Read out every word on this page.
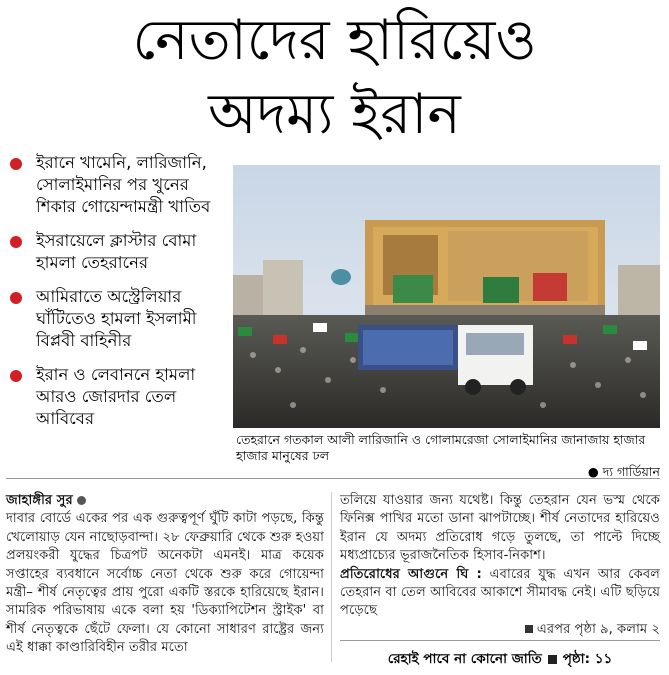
নেতাদের হারিয়েও
অদম্য ইরান
ইরানে খামেনি, লারিজানি, সোলাইমানির পর খুনের শিকার গোয়েন্দামন্ত্রী খাতিব
ইসরায়েলে ক্লাস্টার বোমা হামলা তেহরানের
আমিরাতে অস্ট্রেলিয়ার ঘাঁটিতেও হামলা ইসলামী বিপ্লবী বাহিনীর
ইরান ও লেবাননে হামলা আরও জোরদার তেল আবিবের
তেহরানে গতকাল আলী লারিজানি ও গোলামরেজা সোলাইমানির জানাজায় হাজার হাজার মানুষের ঢল
● দ্য গার্ডিয়ান
জাহাঙ্গীর সুর
দাবার বোর্ডে একের পর এক গুরুত্বপূর্ণ ঘুঁটি কাটা পড়ছে, কিন্তু খেলোয়াড় যেন নাছোড়বান্দা। ২৮ ফেব্রুয়ারি থেকে শুরু হওয়া প্রলয়ংকরী যুদ্ধের চিত্রপট অনেকটা এমনই। মাত্র কয়েক সপ্তাহের ব্যবধানে সর্বোচ্চ নেতা থেকে শুরু করে গোয়েন্দা মন্ত্রী– শীর্ষ নেতৃত্বের প্রায় পুরো একটি স্তরকে হারিয়েছে ইরান। সামরিক পরিভাষায় একে বলা হয় 'ডিক্যাপিটেশন স্ট্রাইক' বা শীর্ষ নেতৃত্বকে ছেঁটে ফেলা। যে কোনো সাধারণ রাষ্ট্রের জন্য এই ধাক্কা কাণ্ডারিবিহীন তরীর মতো
তলিয়ে যাওয়ার জন্য যথেষ্ট। কিন্তু তেহরান যেন ভস্ম থেকে ফিনিক্স পাখির মতো ডানা ঝাপটাচ্ছে। শীর্ষ নেতাদের হারিয়েও ইরান যে অদম্য প্রতিরোধ গড়ে তুলছে, তা পাল্টে দিচ্ছে মধ্যপ্রাচ্যের ভূরাজনৈতিক হিসাব-নিকাশ।
প্রতিরোধের আগুনে ঘি : এবারের যুদ্ধ এখন আর কেবল তেহরান বা তেল আবিবের আকাশে সীমাবদ্ধ নেই। এটি ছড়িয়ে পড়েছে
এরপর পৃষ্ঠা ৯, কলাম ২
রেহাই পাবে না কোনো জাতি পৃষ্ঠা: ১১
